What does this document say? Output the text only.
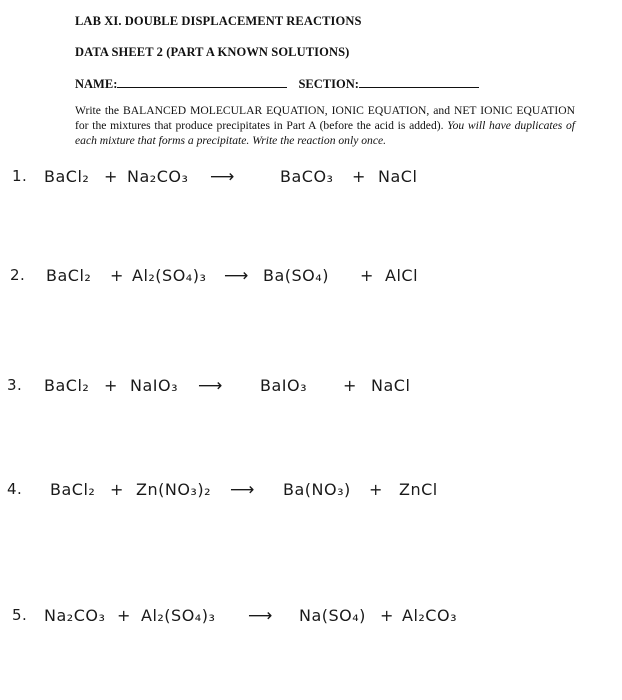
LAB XI. DOUBLE DISPLACEMENT REACTIONS
DATA SHEET 2 (PART A KNOWN SOLUTIONS)
NAME:	SECTION:
Write the BALANCED MOLECULAR EQUATION, IONIC EQUATION, and NET IONIC EQUATION for the mixtures that produce precipitates in Part A (before the acid is added). You will have duplicates of each mixture that forms a precipitate. Write the reaction only once.
1. BaCl₂ + Na₂CO₃ ⟶	BaCO₃ + NaCl
2. BaCl₂ + Al₂(SO₄)₃ ⟶ Ba(SO₄) + AlCl
3. BaCl₂ + NaIO₃ ⟶ BaIO₃ + NaCl
4. BaCl₂ + Zn(NO₃)₂ ⟶ Ba(NO₃) + ZnCl
5. Na₂CO₃ + Al₂(SO₄)₃ ⟶ Na(SO₄) + Al₂CO₃
